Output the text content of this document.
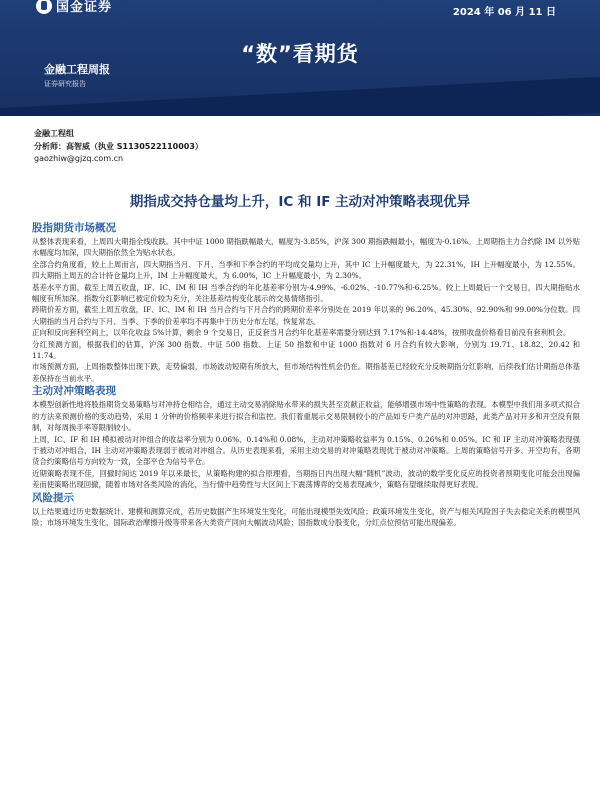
国金证券	2024 年 06 月 11 日
“数”看期货
金融工程周报
证券研究报告
金融工程组
分析师：高智威（执业 S1130522110003）
gaozhiw@gjzq.com.cn
期指成交持仓量均上升，IC 和 IF 主动对冲策略表现优异
股指期货市场概况

从整体表现来看，上周四大期指全线收跌。其中中证 1000 期指跌幅最大，幅度为-3.85%，沪深 300 期指跌幅最小，幅度为-0.16%。上周期指主力合约除 IM 以外贴水幅度均加深，四大期指依然全为贴水状态。

全部合约角度看，较上上周而言，四大期指当月、下月、当季和下季合约的平均成交量均上升，其中 IC 上升幅度最大，为 22.31%，IH 上升幅度最小，为 12.55%。四大期指上周五的合计持仓量均上升，IM 上升幅度最大，为 6.00%，IC 上升幅度最小，为 2.30%。

基差水平方面，截至上周五收盘，IF、IC、IM 和 IH 当季合约的年化基差率分别为-4.99%、-6.02%、-10.77%和-6.25%。较上上周最后一个交易日，四大期指贴水幅度有所加深。指数分红影响已被定价较为充分，关注基差结构变化展示的交易情绪指引。

跨期价差方面，截至上周五收盘，IF、IC、IM 和 IH 当月合约与下月合约的跨期价差率分别处在 2019 年以来的 96.20%、45.30%、92.90%和 99.00%分位数。四大期指的当月合约与下月、当季、下季的价差率均不再集中于历史分布左尾，恢复常态。

正向和反向套利空间上，以年化收益 5%计算，剩余 9 个交易日，正反套当月合约年化基差率需要分别达到 7.17%和-14.48%，按照收盘价格看目前没有套利机会。

分红预测方面，根据我们的估算，沪深 300 指数、中证 500 指数、上证 50 指数和中证 1000 指数对 6 月合约有较大影响，分别为 19.71、18.82、20.42 和 11.74。

市场预测方面，上周指数整体出现下跌，走势偏弱，市场波动短期有所放大，但市场结构性机会仍在。期指基差已经较充分反映期指分红影响，后续我们估计期指总体基差保持在当前水平。

主动对冲策略表现

本模型创新性地将股指期货交易策略与对冲持仓相结合，通过主动交易消除贴水带来的损失甚至贡献正收益，能够增强市场中性策略的表现。本模型中我们用多项式拟合的方法来预测价格的变动趋势，采用 1 分钟的价格频率来进行拟合和监控。我们着重展示交易限制较小的产品如专户类产品的对冲思路，此类产品对开多和开空没有限制，对每周换手率等限制较小。

上周，IC、IF 和 IH 模拟被动对冲组合的收益率分别为 0.06%、0.14%和 0.08%，主动对冲策略收益率为 0.15%、0.26%和 0.05%。IC 和 IF 主动对冲策略表现强于被动对冲组合，IH 主动对冲策略表现弱于被动对冲组合。从历史表现来看，采用主动交易的对冲策略表现优于被动对冲策略。上周的策略信号开多、开空均有，各期货合约策略信号方向较为一致，全部平仓为信号平仓。

近期策略表现不佳，回撤时间达 2019 年以来最长，从策略构建的拟合原理看，当期指日内出现大幅“随机”波动，波动的数学变化反应的投资者预期变化可能会出现偏差而使策略出现回撤，随着市场对各类风险的消化，当行情中趋势性与大区间上下震荡博弈的交易表现减少，策略有望继续取得更好表现。

风险提示

以上结果通过历史数据统计、建模和测算完成，若历史数据产生环境发生变化，可能出现模型失效风险；政策环境发生变化，资产与相关风险因子失去稳定关系的模型风险；市场环境发生变化，国际政治摩擦升级等带来各大类资产同向大幅波动风险；国指数成分股变化，分红点位预估可能出现偏差。
